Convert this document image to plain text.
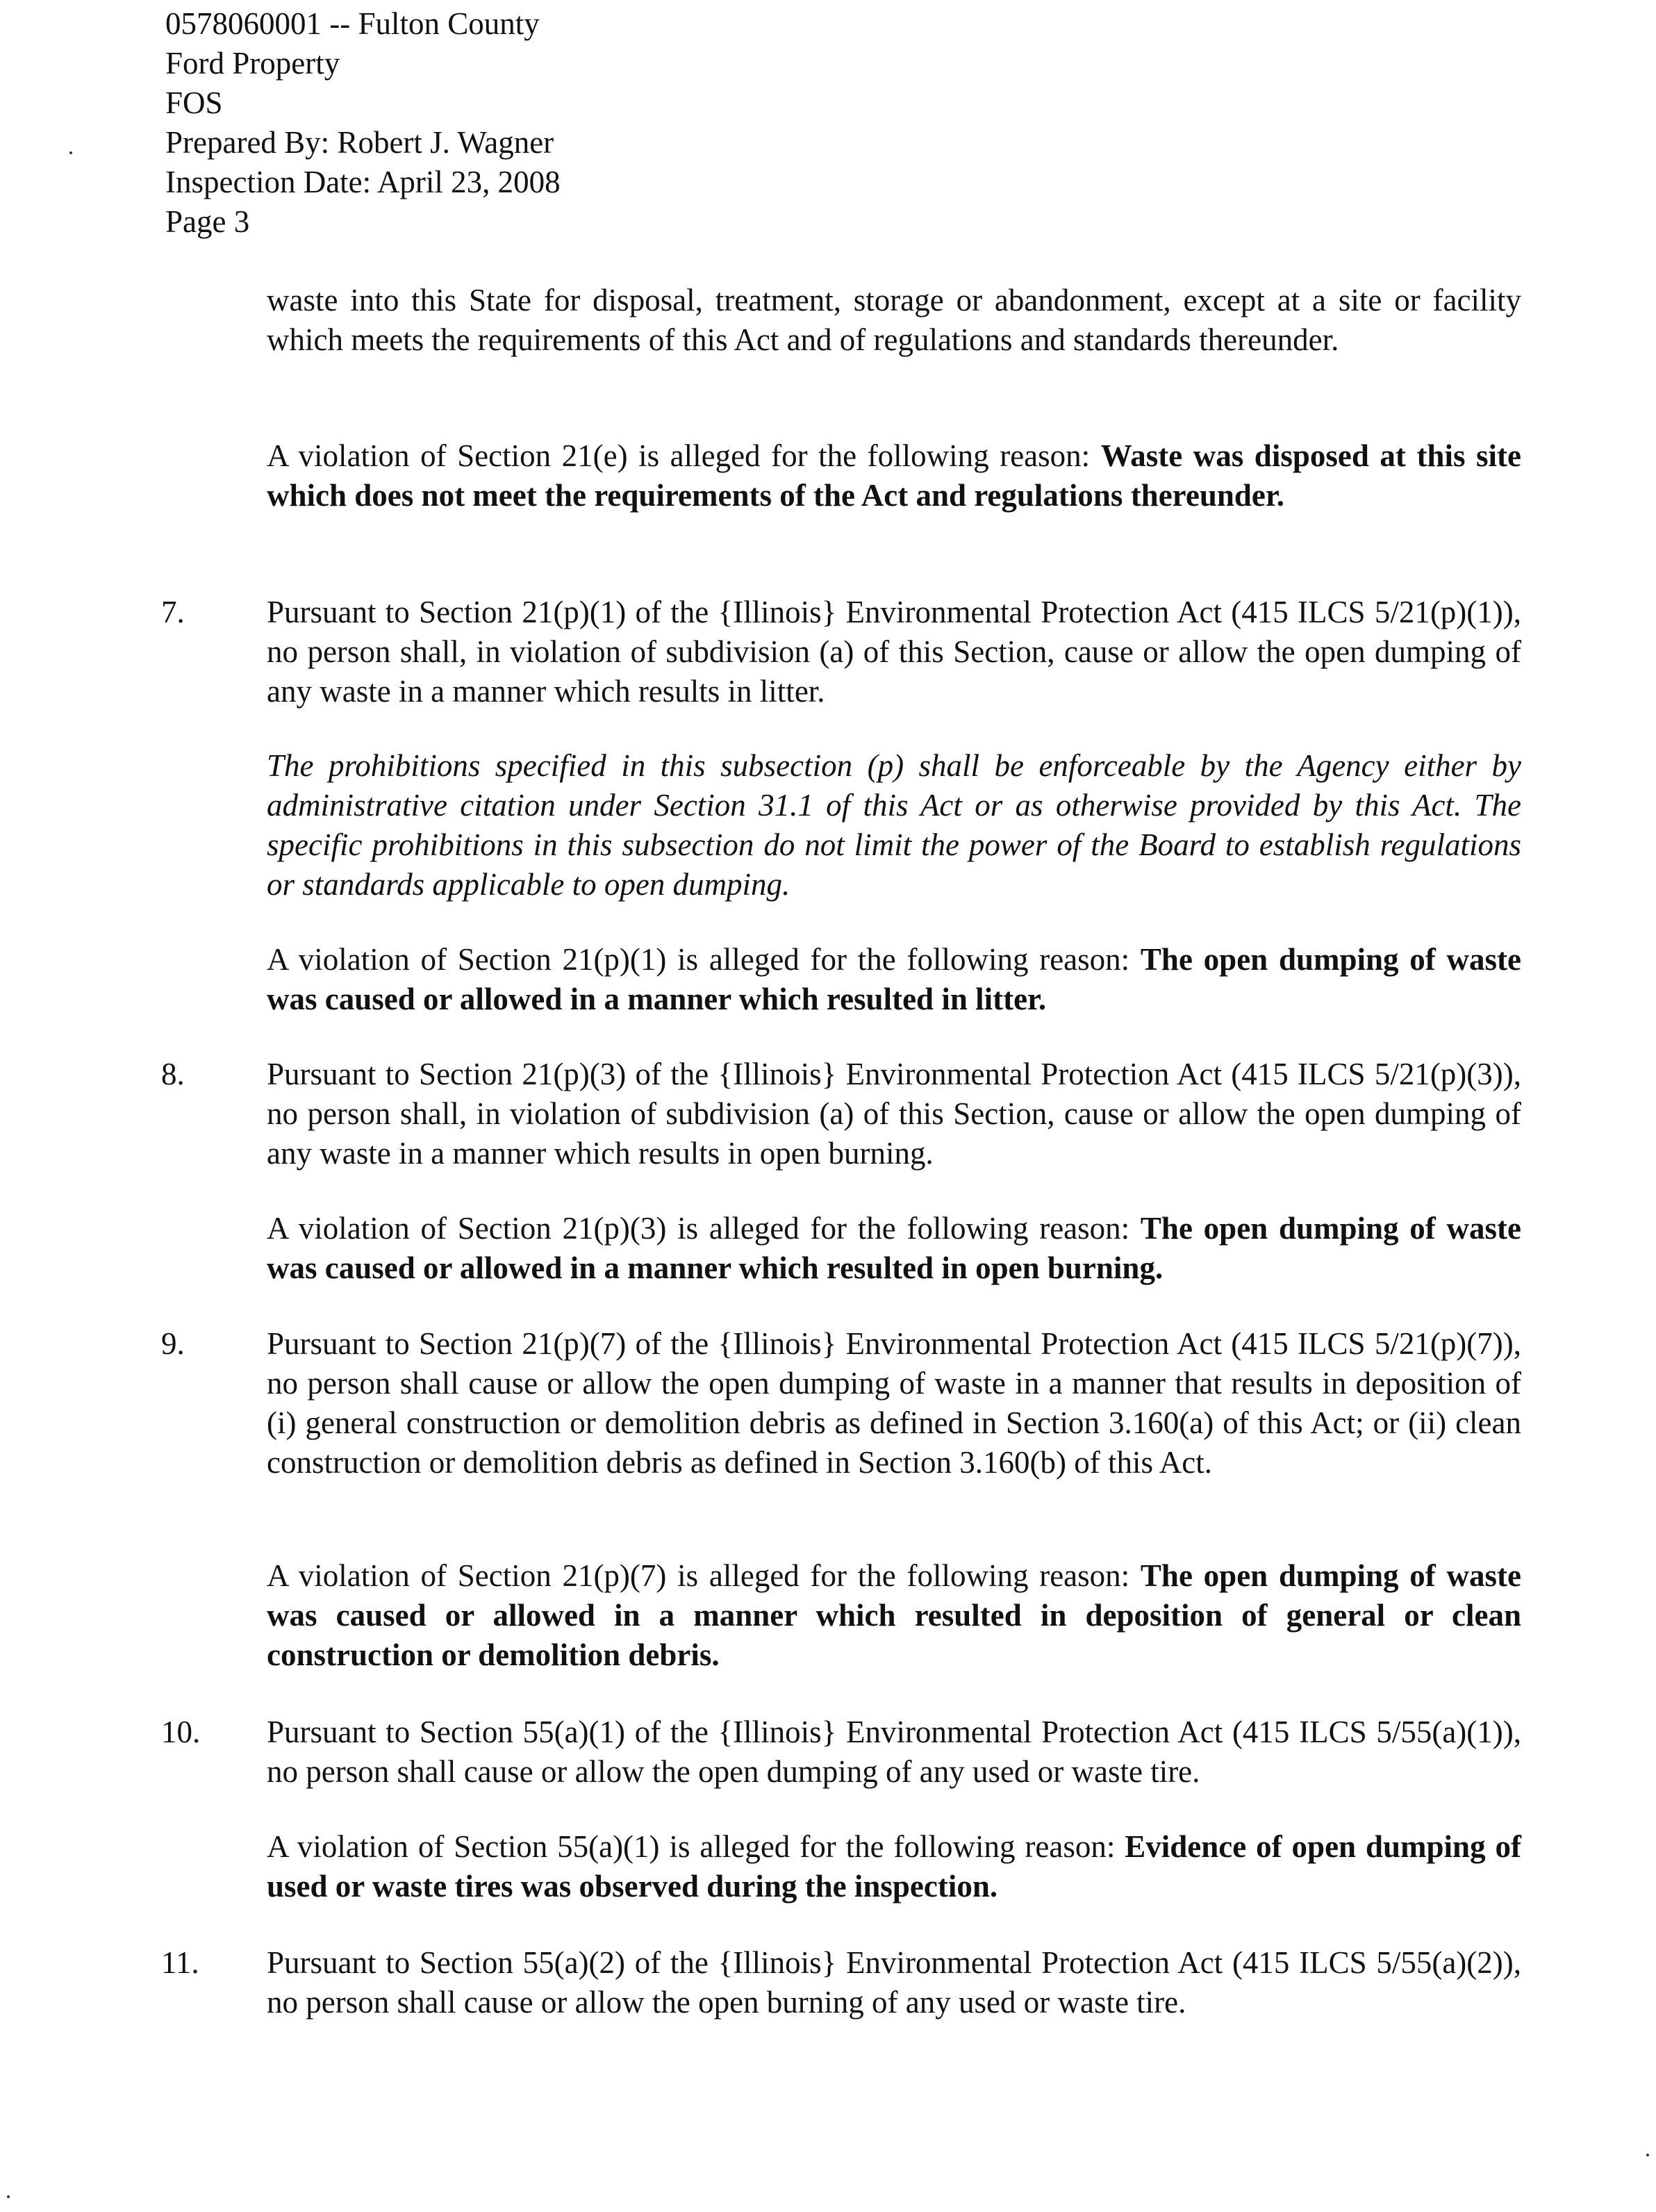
0578060001 -- Fulton County
Ford Property
FOS
Prepared By: Robert J. Wagner
Inspection Date: April 23, 2008
Page 3
waste into this State for disposal, treatment, storage or abandonment, except at a site or facility which meets the requirements of this Act and of regulations and standards thereunder.
A violation of Section 21(e) is alleged for the following reason: Waste was disposed at this site which does not meet the requirements of the Act and regulations thereunder.
7.	Pursuant to Section 21(p)(1) of the {Illinois} Environmental Protection Act (415 ILCS 5/21(p)(1)), no person shall, in violation of subdivision (a) of this Section, cause or allow the open dumping of any waste in a manner which results in litter.
The prohibitions specified in this subsection (p) shall be enforceable by the Agency either by administrative citation under Section 31.1 of this Act or as otherwise provided by this Act. The specific prohibitions in this subsection do not limit the power of the Board to establish regulations or standards applicable to open dumping.
A violation of Section 21(p)(1) is alleged for the following reason: The open dumping of waste was caused or allowed in a manner which resulted in litter.
8.	Pursuant to Section 21(p)(3) of the {Illinois} Environmental Protection Act (415 ILCS 5/21(p)(3)), no person shall, in violation of subdivision (a) of this Section, cause or allow the open dumping of any waste in a manner which results in open burning.
A violation of Section 21(p)(3) is alleged for the following reason: The open dumping of waste was caused or allowed in a manner which resulted in open burning.
9.	Pursuant to Section 21(p)(7) of the {Illinois} Environmental Protection Act (415 ILCS 5/21(p)(7)), no person shall cause or allow the open dumping of waste in a manner that results in deposition of (i) general construction or demolition debris as defined in Section 3.160(a) of this Act; or (ii) clean construction or demolition debris as defined in Section 3.160(b) of this Act.
A violation of Section 21(p)(7) is alleged for the following reason: The open dumping of waste was caused or allowed in a manner which resulted in deposition of general or clean construction or demolition debris.
10. Pursuant to Section 55(a)(1) of the {Illinois} Environmental Protection Act (415 ILCS 5/55(a)(1)), no person shall cause or allow the open dumping of any used or waste tire.
A violation of Section 55(a)(1) is alleged for the following reason: Evidence of open dumping of used or waste tires was observed during the inspection.
11. Pursuant to Section 55(a)(2) of the {Illinois} Environmental Protection Act (415 ILCS 5/55(a)(2)), no person shall cause or allow the open burning of any used or waste tire.
